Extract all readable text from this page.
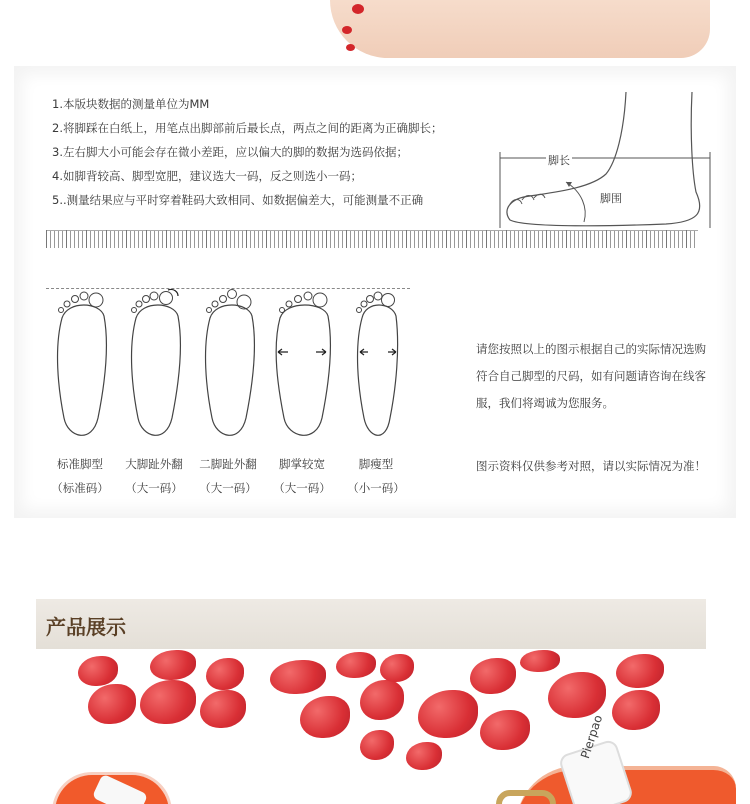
1.本版块数据的测量单位为MM
2.将脚踩在白纸上，用笔点出脚部前后最长点，两点之间的距离为正确脚长；
3.左右脚大小可能会存在微小差距，应以偏大的脚的数据为选码依据；
4.如脚背较高、脚型宽肥，建议选大一码，反之则选小一码；
5..测量结果应与平时穿着鞋码大致相同、如数据偏差大，可能测量不正确
脚长
脚围
标准脚型
（标准码）
大脚趾外翻
（大一码）
二脚趾外翻
（大一码）
脚掌较宽
（大一码）
脚瘦型
（小一码）
请您按照以上的图示根据自己的实际情况选购
符合自己脚型的尺码，如有问题请咨询在线客
服，我们将竭诚为您服务。
图示资料仅供参考对照，请以实际情况为准！
产品展示
Pierpao
